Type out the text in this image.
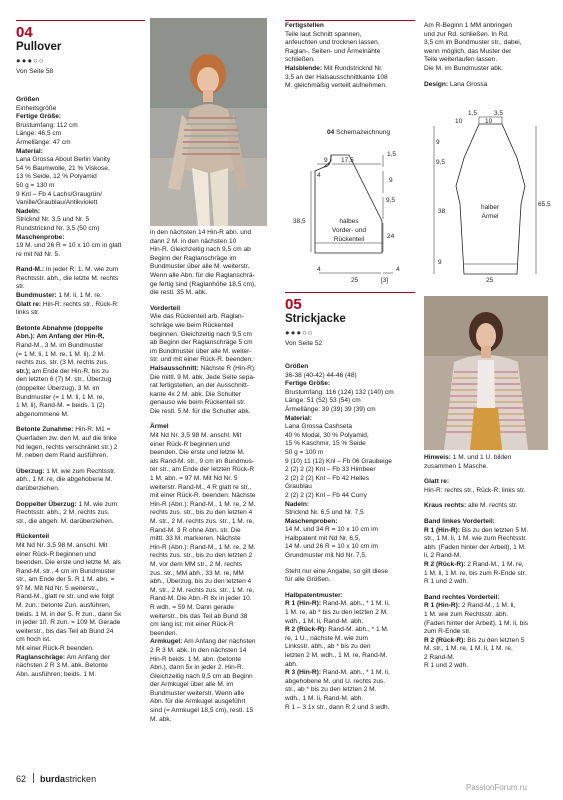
04
Pullover
●●●○○
Von Seite 58

Größen

Einheitsgröße

Fertige Größe:

Brustumfang: 112 cm

Länge: 46,5 cm

Ärmellänge: 47 cm

Material:

Lana Grossa About Berlin Vanity

54 % Baumwolle, 21 % Viskose,

13 % Seide, 12 % Polyamid

50 g = 130 m

9 Knl – Fb 4 Lachs/Graugrün/

Vanille/Graublau/Antikviolett

Nadeln:

Stricknd Nr. 3,5 und Nr. 5

Rundstricknd Nr. 3,5 (50 cm)

Maschenprobe:

19 M. und 26 R = 10 x 10 cm in glatt

re mit Nd Nr. 5.

Rand-M.: In jeder R: 1. M. wie zum

Rechtsstr. abh., die letzte M. rechts

str.

Bundmuster: 1 M. li, 1 M. re.

Glatt re: Hin-R: rechts str., Rück-R:

links str.

Betonte Abnahme (doppelte

Abn.): Am Anfang der Hin-R,

Rand-M., 3 M. im Bundmuster

(= 1 M. li, 1 M. re, 1 M. li), 2 M.

rechts zus. str. (3 M. rechts zus.

str.); am Ende der Hin-R, bis zu

den letzten 6 (7) M. str., Überzug

(doppelter Überzug), 3 M. im

Bundmuster (= 1 M. li, 1 M. re,

1 M. li), Rand-M. = beids. 1 (2)

abgenommene M.

Betonte Zunahme: Hin-R: M1 =

Querfaden zw. den M. auf die linke

Nd legen, rechts verschränkt str.) 2

M. neben dem Rand ausführen.

Überzug: 1 M. wie zum Rechtsstr.

abh., 1 M. re, die abgehobene M.

darüberziehen.

Doppelter Überzug: 1 M. wie zum

Rechtsstr. abh., 2 M. rechts zus.

str., die abgeh. M. darüberziehen.

Rückenteil

Mit Nd Nr. 3,5 98 M. anschl. Mit

einer Rück-R beginnen und

beenden. Die erste und letzte M. als

Rand-M. str., 4 cm im Bundmuster

str., am Ende der 5. R 1 M. abn. =

97 M. Mit Nd Nr. 5 weiterstr.,

Rand-M., glatt re str. und wie folgt

M. zun.: betonte Zun. ausführen,

beids. 1 M. in der 5. R zun., dann 5x

in jeder 10. R zun. = 109 M. Gerade

weiterstr., bis das Teil ab Bund 24

cm hoch ist.

Mit einer Rück-R beenden.

Raglanschräge: Am Anfang der

nächsten 2 R 3 M. abk. Betonte

Abn. ausführen; beids. 1 M.

in den nächsten 14 Hin-R abn. und

dann 2 M. in den nächsten 10

Hin-R. Gleichzeitig nach 9,5 cm ab

Beginn der Raglanschräge im

Bundmuster über alle M. weiterstr.

Wenn alle Abn. für die Raglanschrä-

ge fertig sind (Raglanhöhe 18,5 cm),

die restl. 35 M. abk.

Vorderteil

Wie das Rückenteil arb. Raglan-

schräge wie beim Rückenteil

beginnen. Gleichzeitig nach 9,5 cm

ab Beginn der Raglanschräge 5 cm

im Bundmuster über alle M. weiter-

str. und mit einer Rück-R. beenden.

Halsausschnitt: Nächste R (Hin-R):

Die mittl. 9 M. abk. Jede Seite sepa-

rat fertigstellen, an der Ausschnitt-

kante 4x 2 M. abk. Die Schulter

genauso wie beim Rückenteil str.

Die restl. 5 M. für die Schulter abk.

Ärmel

Mit Nd Nr. 3,5 98 M. anschl. Mit

einer Rück-R beginnen und

beenden. Die erste und letzte M.

als Rand-M. str., 9 cm im Bundmus-

ter str., am Ende der letzten Rück-R

1 M. abn. = 97 M. Mit Nd Nr. 5

weiterstr. Rand-M., 4 R glatt re str.,

mit einer Rück-R. beenden: Nächste

Hin-R (Abn.): Rand-M., 1 M. re, 2 M.

rechts zus. str., bis zu den letzten 4

M. str., 2 M. rechts zus. str., 1 M. re,

Rand-M. 3 R ohne Abn. str. Die

mittl. 33 M. markieren. Nächste

Hin-R (Abn.): Rand-M., 1 M. re, 2 M.

rechts zus. str., bis zu den letzten 2

M. vor dem MM str., 2 M. rechts

zus. str., MM abh., 33 M. re, MM

abh., Überzug, bis zu den letzten 4

M. str., 2 M. rechts zus. str., 1 M. re,

Rand-M. Die Abn.-R 8x in jeder 10.

R wdh. = 59 M. Dann gerade

weiterstr., bis das Teil ab Bund 38

cm lang ist; mit einer Rück-R

beenden.

Armkugel: Am Anfang der nächsten

2 R 3 M. abk. In den nächsten 14

Hin-R beids. 1 M. abn. (betonte

Abn.), dann 5x in jeder 2. Hin-R.

Gleichzeitig nach 9,5 cm ab Beginn

der Armkugel über alle M. im

Bundmuster weiterstr. Wenn alle

Abn. für die Armkugel ausgeführt

sind (= Armkugel 18,5 cm), restl. 15

M. abk.

Fertigstellen

Teile laut Schnitt spannen,

anfeuchten und trocknen lassen.

Raglan-, Seiten- und Ärmelnähte

schließen.

Halsblende: Mit Rundstricknd Nr.

3,5 an der Halsausschnittkante 108

M. gleichmäßig verteilt aufnehmen.

Am R-Beginn 1 MM anbringen

und zur Rd. schließen. In Rd.

3,5 cm im Bundmuster str., dabei,

wenn möglich, das Muster der

Teile weiterlaufen lassen.

Die M. im Bundmuster abk.

Design: Lana Grossa

04 Schemazeichnung
9 17,5
1,5
9
4
9,5
38,5
24
4	4
25	[3]
halbes
Vorder- und
Rückenteil
1,5	3,5
10	10
9
9,5
38
65,5
9
25
halber
Ärmel
05
Strickjacke
●●●○○
Von Seite 52

Größen

36-38 (40-42) 44-46 (48)

Fertige Größe:

Brustumfang: 116 (124) 132 (140) cm

Länge: 51 (52) 53 (54) cm

Ärmellänge: 39 (39) 39 (39) cm

Material:

Lana Grossa Cashseta

40 % Modal, 30 % Polyamid,

15 % Kaschmir, 15 % Seide

50 g = 100 m

9 (10) 11 (12) Knl – Fb 06 Graubeige

2 (2) 2 (2) Knl – Fb 33 Himbeer

2 (2) 2 (2) Knl – Fb 42 Helles

Graublau

2 (2) 2 (2) Knl – Fb 44 Curry

Nadeln:

Stricknd Nr. 6,5 und Nr. 7,5

Maschenproben:

14 M. und 34 R = 10 x 10 cm im

Halbpatent mit Nd Nr. 6,5,

14 M. und 26 R = 10 x 10 cm im

Grundmuster mit Nd Nr. 7,5.

Steht nur eine Angabe, so gilt diese

für alle Größen.

Halbpatentmuster:

R 1 (Hin-R): Rand-M. abh., * 1 M. li,

1 M. re, ab * bis zu den letzten 2 M.

wdh., 1 M. li, Rand-M. abh.

R 2 (Rück-R): Rand-M. abh., * 1 M.

re, 1 U., nächste M. wie zum

Linksstr. abh., ab * bis zu den

letzten 2 M. wdh., 1 M. re, Rand-M.

abh.

R 3 (Hin-R): Rand-M. abh., * 1 M. li,

abgehobene M. und U. rechts zus.

str., ab * bis zu den letzten 2 M.

wdh., 1 M. li, Rand-M. abh.

R 1 – 3 1x str., dann R 2 und 3 wdh.

Hinweis: 1 M. und 1 U. bilden

zusammen 1 Masche.

Glatt re:

Hin-R: rechts str., Rück-R: links str.

Kraus rechts: alle M. rechts str.

Band linkes Vorderteil:

R 1 (Hin-R): Bis zu den letzten 5 M.

str., 1 M. li, 1 M. wie zum Rechtsstr.

abh. (Faden hinter der Arbeit), 1 M.

li, 2 Rand-M.

R 2 (Rück-R): 2 Rand-M., 1 M. re,

1 M. li, 1 M. re, bis zum R-Ende str.

R 1 und 2 wdh.

Band rechtes Vorderteil:

R 1 (Hin-R): 2 Rand-M., 1 M. li,

1 M. wie zum Rechtsstr. abh.

(Faden hinter der Arbeit), 1 M. li, bis

zum R-Ende str.

R 2 (Rück-R): Bis zu den letzten 5

M. str., 1 M. re, 1 M. li, 1 M. re,

2 Rand-M.

R 1 und 2 wdh.

62 burdastricken
PassionForum.ru
